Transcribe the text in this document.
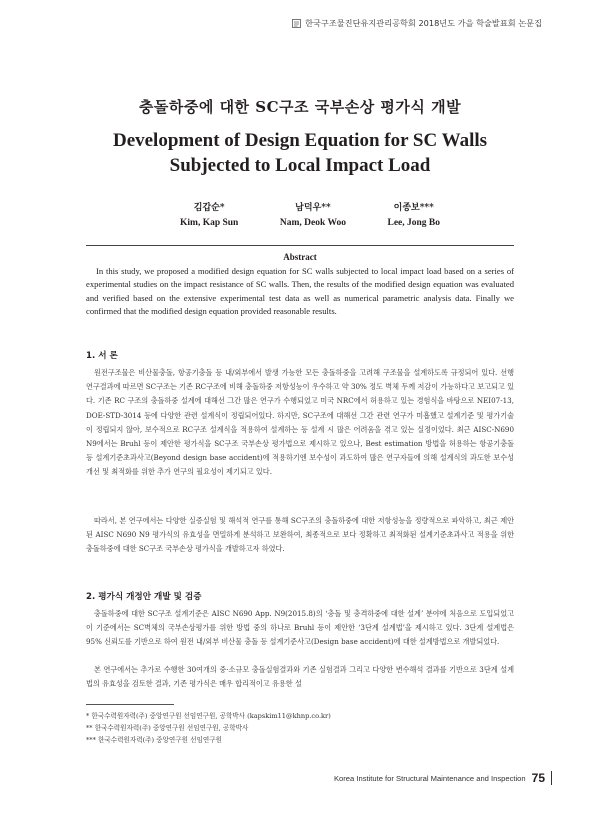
한국구조물진단유지관리공학회 2018년도 가을 학술발표회 논문집
충돌하중에 대한 SC구조 국부손상 평가식 개발
Development of Design Equation for SC Walls
Subjected to Local Impact Load
김갑순*
Kim, Kap Sun
남덕우**
Nam, Deok Woo
이종보***
Lee, Jong Bo
Abstract

In this study, we proposed a modified design equation for SC walls subjected to local impact load based on a series of experimental studies on the impact resistance of SC walls. Then, the results of the modified design equation was evaluated and verified based on the extensive experimental test data as well as numerical parametric analysis data. Finally we confirmed that the modified design equation provided reasonable results.

1. 서 론

원전구조물은 비산물충돌, 항공기충돌 등 내/외부에서 발생 가능한 모든 충돌하중을 고려해 구조물을 설계하도록 규정되어 있다. 선행 연구결과에 따르면 SC구조는 기존 RC구조에 비해 충돌하중 저항성능이 우수하고 약 30% 정도 벽체 두께 저감이 가능하다고 보고되고 있다. 기존 RC 구조의 충돌하중 설계에 대해선 그간 많은 연구가 수행되었고 미국 NRC에서 허용하고 있는 경험식을 바탕으로 NEI07-13, DOE-STD-3014 등에 다양한 관련 설계식이 정립되어있다. 하지만, SC구조에 대해선 그간 관련 연구가 미흡했고 설계기준 및 평가기술이 정립되지 않아, 보수적으로 RC구조 설계식을 적용하여 설계하는 등 설계 시 많은 어려움을 겪고 있는 실정이었다. 최근 AISC-N690 N9에서는 Bruhl 등이 제안한 평가식을 SC구조 국부손상 평가법으로 제시하고 있으나, Best estimation 방법을 허용하는 항공기충돌 등 설계기준초과사고(Beyond design base accident)에 적용하기엔 보수성이 과도하여 많은 연구자들에 의해 설계식의 과도한 보수성 개선 및 최적화를 위한 추가 연구의 필요성이 제기되고 있다.

따라서, 본 연구에서는 다양한 실증실험 및 해석적 연구를 통해 SC구조의 충돌하중에 대한 저항성능을 정량적으로 파악하고, 최근 제안된 AISC N690 N9 평가식의 유효성을 면밀하게 분석하고 보완하여, 최종적으로 보다 정확하고 최적화된 설계기준초과사고 적용을 위한 충돌하중에 대한 SC구조 국부손상 평가식을 개발하고자 하였다.

2. 평가식 개정안 개발 및 검증

충돌하중에 대한 SC구조 설계기준은 AISC N690 App. N9(2015.8)의 ‘충돌 및 충격하중에 대한 설계’ 분야에 처음으로 도입되었고 이 기준에서는 SC벽체의 국부손상평가를 위한 방법 중의 하나로 Bruhl 등이 제안한 ‘3단계 설계법’을 제시하고 있다. 3단계 설계법은 95% 신뢰도를 기반으로 하여 원전 내/외부 비산물 충돌 등 설계기준사고(Design base accident)에 대한 설계방법으로 개발되었다.

본 연구에서는 추가로 수행한 30여개의 중·소규모 충돌실험결과와 기존 실험결과 그리고 다양한 변수해석 결과를 기반으로 3단계 설계법의 유효성을 검토한 결과, 기존 평가식은 매우 합리적이고 유용한 설

* 한국수력원자력(주) 중앙연구원 선임연구원, 공학박사 (kapskim11@khnp.co.kr)
** 한국수력원자력(주) 중앙연구원 선임연구원, 공학박사
*** 한국수력원자력(주) 중앙연구원 선임연구원
Korea Institute for Structural Maintenance and Inspection 75
